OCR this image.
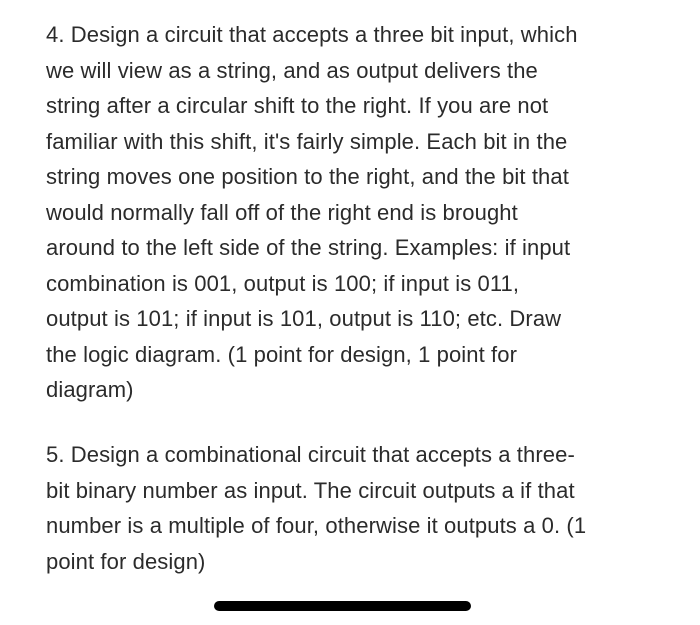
4. Design a circuit that accepts a three bit input, which
we will view as a string, and as output delivers the
string after a circular shift to the right. If you are not
familiar with this shift, it's fairly simple. Each bit in the
string moves one position to the right, and the bit that
would normally fall off of the right end is brought
around to the left side of the string. Examples: if input
combination is 001, output is 100; if input is 011,
output is 101; if input is 101, output is 110; etc. Draw
the logic diagram. (1 point for design, 1 point for
diagram)
5. Design a combinational circuit that accepts a three-
bit binary number as input. The circuit outputs a if that
number is a multiple of four, otherwise it outputs a 0. (1
point for design)
